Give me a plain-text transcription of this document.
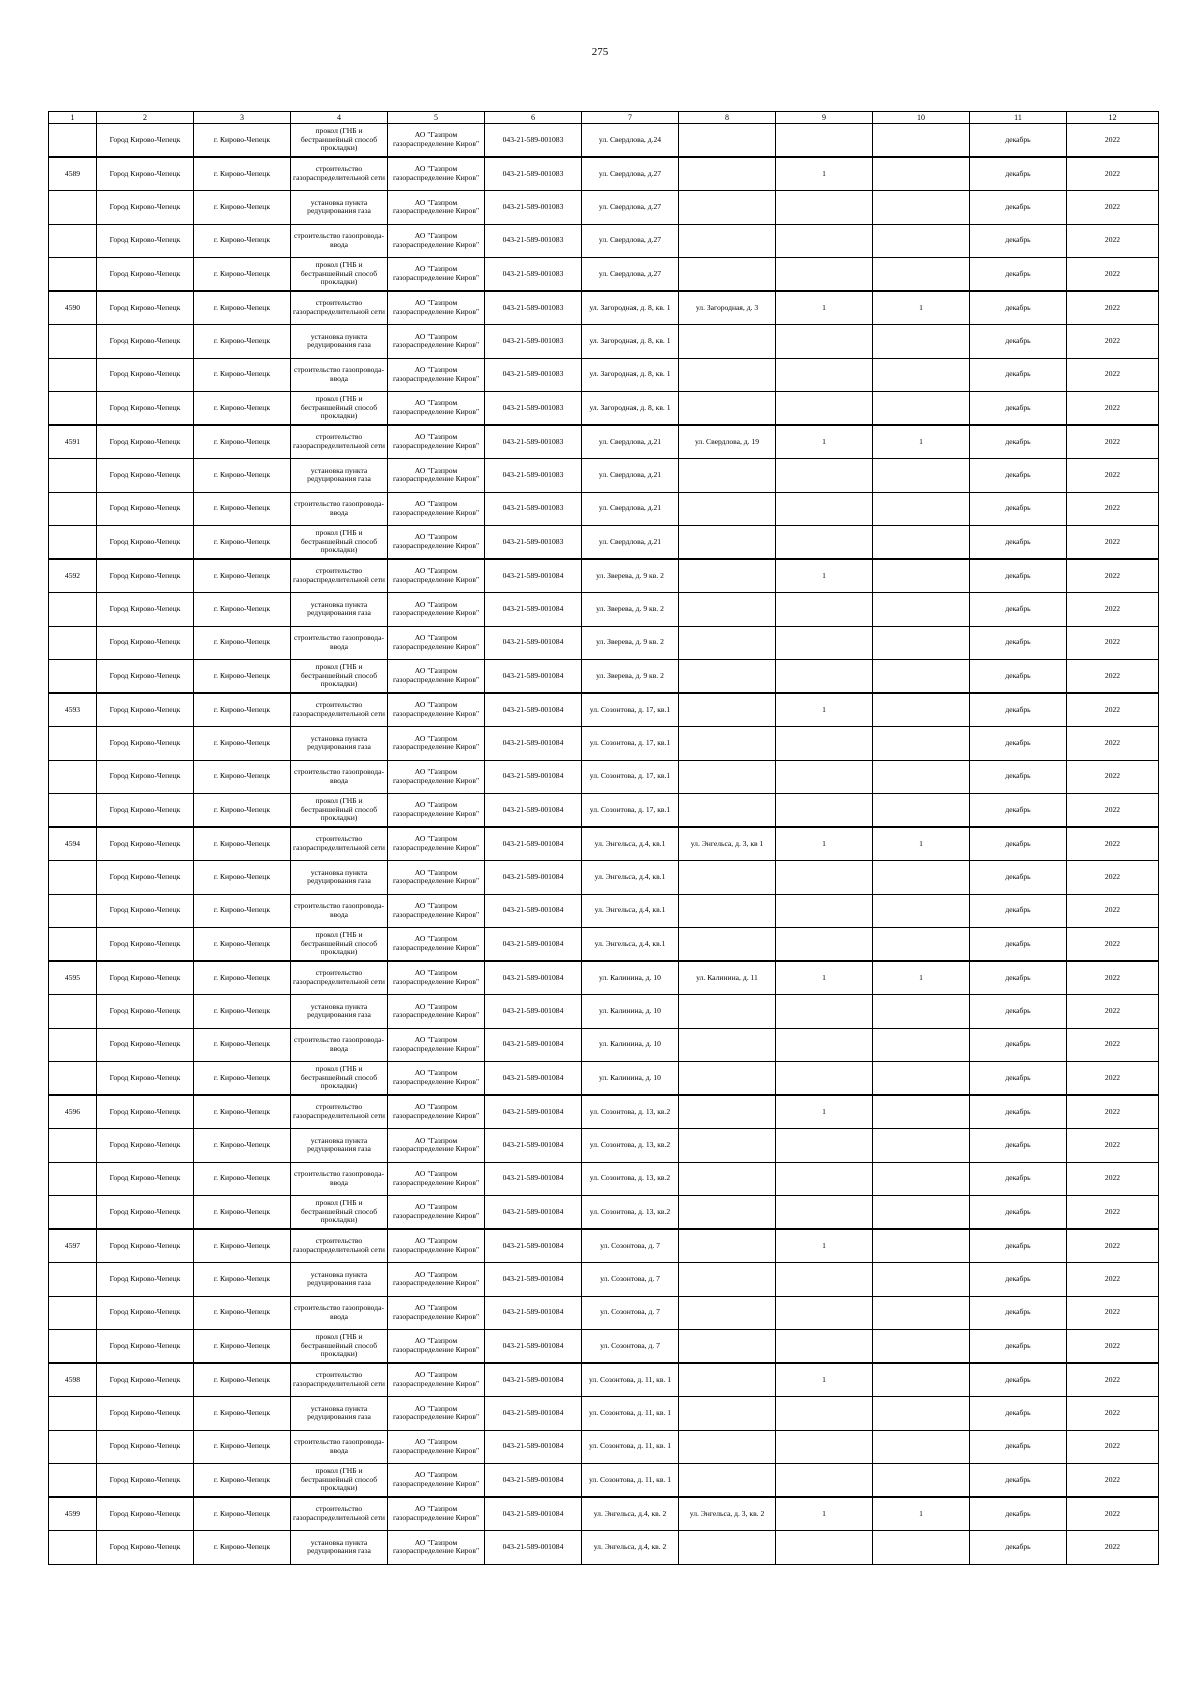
275
1	2	3	4	5	6	7	8	9	10	11	12
	Город Кирово-Чепецк	г. Кирово-Чепецк	прокол (ГНБ и бестраншейный способ прокладки)	АО "Газпром газораспределение Киров"	043-21-589-001083	ул. Свердлова, д.24				декабрь	2022
4589	Город Кирово-Чепецк	г. Кирово-Чепецк	строительство газораспределительной сети	АО "Газпром газораспределение Киров"	043-21-589-001083	ул. Свердлова, д.27		1		декабрь	2022
	Город Кирово-Чепецк	г. Кирово-Чепецк	установка пункта редуцирования газа	АО "Газпром газораспределение Киров"	043-21-589-001083	ул. Свердлова, д.27				декабрь	2022
	Город Кирово-Чепецк	г. Кирово-Чепецк	строительство газопровода-ввода	АО "Газпром газораспределение Киров"	043-21-589-001083	ул. Свердлова, д.27				декабрь	2022
	Город Кирово-Чепецк	г. Кирово-Чепецк	прокол (ГНБ и бестраншейный способ прокладки)	АО "Газпром газораспределение Киров"	043-21-589-001083	ул. Свердлова, д.27				декабрь	2022
4590	Город Кирово-Чепецк	г. Кирово-Чепецк	строительство газораспределительной сети	АО "Газпром газораспределение Киров"	043-21-589-001083	ул. Загородная, д. 8, кв. 1	ул. Загородная, д. 3	1	1	декабрь	2022
	Город Кирово-Чепецк	г. Кирово-Чепецк	установка пункта редуцирования газа	АО "Газпром газораспределение Киров"	043-21-589-001083	ул. Загородная, д. 8, кв. 1				декабрь	2022
	Город Кирово-Чепецк	г. Кирово-Чепецк	строительство газопровода-ввода	АО "Газпром газораспределение Киров"	043-21-589-001083	ул. Загородная, д. 8, кв. 1				декабрь	2022
	Город Кирово-Чепецк	г. Кирово-Чепецк	прокол (ГНБ и бестраншейный способ прокладки)	АО "Газпром газораспределение Киров"	043-21-589-001083	ул. Загородная, д. 8, кв. 1				декабрь	2022
4591	Город Кирово-Чепецк	г. Кирово-Чепецк	строительство газораспределительной сети	АО "Газпром газораспределение Киров"	043-21-589-001083	ул. Свердлова, д.21	ул. Свердлова, д. 19	1	1	декабрь	2022
	Город Кирово-Чепецк	г. Кирово-Чепецк	установка пункта редуцирования газа	АО "Газпром газораспределение Киров"	043-21-589-001083	ул. Свердлова, д.21				декабрь	2022
	Город Кирово-Чепецк	г. Кирово-Чепецк	строительство газопровода-ввода	АО "Газпром газораспределение Киров"	043-21-589-001083	ул. Свердлова, д.21				декабрь	2022
	Город Кирово-Чепецк	г. Кирово-Чепецк	прокол (ГНБ и бестраншейный способ прокладки)	АО "Газпром газораспределение Киров"	043-21-589-001083	ул. Свердлова, д.21				декабрь	2022
4592	Город Кирово-Чепецк	г. Кирово-Чепецк	строительство газораспределительной сети	АО "Газпром газораспределение Киров"	043-21-589-001084	ул. Зверева, д. 9 кв. 2		1		декабрь	2022
	Город Кирово-Чепецк	г. Кирово-Чепецк	установка пункта редуцирования газа	АО "Газпром газораспределение Киров"	043-21-589-001084	ул. Зверева, д. 9 кв. 2				декабрь	2022
	Город Кирово-Чепецк	г. Кирово-Чепецк	строительство газопровода-ввода	АО "Газпром газораспределение Киров"	043-21-589-001084	ул. Зверева, д. 9 кв. 2				декабрь	2022
	Город Кирово-Чепецк	г. Кирово-Чепецк	прокол (ГНБ и бестраншейный способ прокладки)	АО "Газпром газораспределение Киров"	043-21-589-001084	ул. Зверева, д. 9 кв. 2				декабрь	2022
4593	Город Кирово-Чепецк	г. Кирово-Чепецк	строительство газораспределительной сети	АО "Газпром газораспределение Киров"	043-21-589-001084	ул. Созонтова, д. 17, кв.1		1		декабрь	2022
	Город Кирово-Чепецк	г. Кирово-Чепецк	установка пункта редуцирования газа	АО "Газпром газораспределение Киров"	043-21-589-001084	ул. Созонтова, д. 17, кв.1				декабрь	2022
	Город Кирово-Чепецк	г. Кирово-Чепецк	строительство газопровода-ввода	АО "Газпром газораспределение Киров"	043-21-589-001084	ул. Созонтова, д. 17, кв.1				декабрь	2022
	Город Кирово-Чепецк	г. Кирово-Чепецк	прокол (ГНБ и бестраншейный способ прокладки)	АО "Газпром газораспределение Киров"	043-21-589-001084	ул. Созонтова, д. 17, кв.1				декабрь	2022
4594	Город Кирово-Чепецк	г. Кирово-Чепецк	строительство газораспределительной сети	АО "Газпром газораспределение Киров"	043-21-589-001084	ул. Энгельса, д.4, кв.1	ул. Энгельса, д. 3, кв 1	1	1	декабрь	2022
	Город Кирово-Чепецк	г. Кирово-Чепецк	установка пункта редуцирования газа	АО "Газпром газораспределение Киров"	043-21-589-001084	ул. Энгельса, д.4, кв.1				декабрь	2022
	Город Кирово-Чепецк	г. Кирово-Чепецк	строительство газопровода-ввода	АО "Газпром газораспределение Киров"	043-21-589-001084	ул. Энгельса, д.4, кв.1				декабрь	2022
	Город Кирово-Чепецк	г. Кирово-Чепецк	прокол (ГНБ и бестраншейный способ прокладки)	АО "Газпром газораспределение Киров"	043-21-589-001084	ул. Энгельса, д.4, кв.1				декабрь	2022
4595	Город Кирово-Чепецк	г. Кирово-Чепецк	строительство газораспределительной сети	АО "Газпром газораспределение Киров"	043-21-589-001084	ул. Калинина, д. 10	ул. Калинина, д. 11	1	1	декабрь	2022
	Город Кирово-Чепецк	г. Кирово-Чепецк	установка пункта редуцирования газа	АО "Газпром газораспределение Киров"	043-21-589-001084	ул. Калинина, д. 10				декабрь	2022
	Город Кирово-Чепецк	г. Кирово-Чепецк	строительство газопровода-ввода	АО "Газпром газораспределение Киров"	043-21-589-001084	ул. Калинина, д. 10				декабрь	2022
	Город Кирово-Чепецк	г. Кирово-Чепецк	прокол (ГНБ и бестраншейный способ прокладки)	АО "Газпром газораспределение Киров"	043-21-589-001084	ул. Калинина, д. 10				декабрь	2022
4596	Город Кирово-Чепецк	г. Кирово-Чепецк	строительство газораспределительной сети	АО "Газпром газораспределение Киров"	043-21-589-001084	ул. Созонтова, д. 13, кв.2		1		декабрь	2022
	Город Кирово-Чепецк	г. Кирово-Чепецк	установка пункта редуцирования газа	АО "Газпром газораспределение Киров"	043-21-589-001084	ул. Созонтова, д. 13, кв.2				декабрь	2022
	Город Кирово-Чепецк	г. Кирово-Чепецк	строительство газопровода-ввода	АО "Газпром газораспределение Киров"	043-21-589-001084	ул. Созонтова, д. 13, кв.2				декабрь	2022
	Город Кирово-Чепецк	г. Кирово-Чепецк	прокол (ГНБ и бестраншейный способ прокладки)	АО "Газпром газораспределение Киров"	043-21-589-001084	ул. Созонтова, д. 13, кв.2				декабрь	2022
4597	Город Кирово-Чепецк	г. Кирово-Чепецк	строительство газораспределительной сети	АО "Газпром газораспределение Киров"	043-21-589-001084	ул. Созонтова, д. 7		1		декабрь	2022
	Город Кирово-Чепецк	г. Кирово-Чепецк	установка пункта редуцирования газа	АО "Газпром газораспределение Киров"	043-21-589-001084	ул. Созонтова, д. 7				декабрь	2022
	Город Кирово-Чепецк	г. Кирово-Чепецк	строительство газопровода-ввода	АО "Газпром газораспределение Киров"	043-21-589-001084	ул. Созонтова, д. 7				декабрь	2022
	Город Кирово-Чепецк	г. Кирово-Чепецк	прокол (ГНБ и бестраншейный способ прокладки)	АО "Газпром газораспределение Киров"	043-21-589-001084	ул. Созонтова, д. 7				декабрь	2022
4598	Город Кирово-Чепецк	г. Кирово-Чепецк	строительство газораспределительной сети	АО "Газпром газораспределение Киров"	043-21-589-001084	ул. Созонтова, д. 11, кв. 1		1		декабрь	2022
	Город Кирово-Чепецк	г. Кирово-Чепецк	установка пункта редуцирования газа	АО "Газпром газораспределение Киров"	043-21-589-001084	ул. Созонтова, д. 11, кв. 1				декабрь	2022
	Город Кирово-Чепецк	г. Кирово-Чепецк	строительство газопровода-ввода	АО "Газпром газораспределение Киров"	043-21-589-001084	ул. Созонтова, д. 11, кв. 1				декабрь	2022
	Город Кирово-Чепецк	г. Кирово-Чепецк	прокол (ГНБ и бестраншейный способ прокладки)	АО "Газпром газораспределение Киров"	043-21-589-001084	ул. Созонтова, д. 11, кв. 1				декабрь	2022
4599	Город Кирово-Чепецк	г. Кирово-Чепецк	строительство газораспределительной сети	АО "Газпром газораспределение Киров"	043-21-589-001084	ул. Энгельса, д.4, кв. 2	ул. Энгельса, д. 3, кв. 2	1	1	декабрь	2022
	Город Кирово-Чепецк	г. Кирово-Чепецк	установка пункта редуцирования газа	АО "Газпром газораспределение Киров"	043-21-589-001084	ул. Энгельса, д.4, кв. 2				декабрь	2022
